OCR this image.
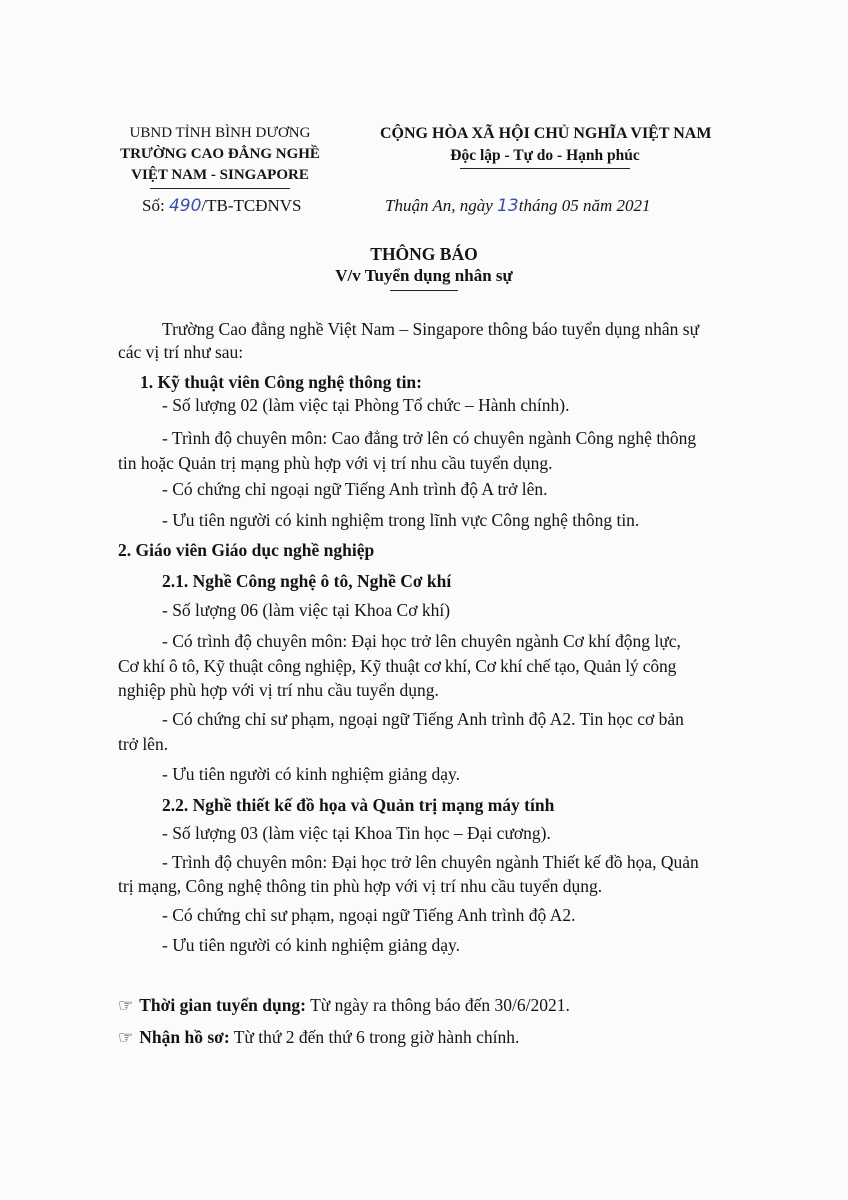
UBND TỈNH BÌNH DƯƠNG
TRƯỜNG CAO ĐẲNG NGHỀ
VIỆT NAM - SINGAPORE
Số: 490/TB-TCĐNVS
CỘNG HÒA XÃ HỘI CHỦ NGHĨA VIỆT NAM
Độc lập - Tự do - Hạnh phúc
Thuận An, ngày 13tháng 05 năm 2021
THÔNG BÁO
V/v Tuyển dụng nhân sự
Trường Cao đẳng nghề Việt Nam – Singapore thông báo tuyển dụng nhân sự
các vị trí như sau:
1. Kỹ thuật viên Công nghệ thông tin:
- Số lượng 02 (làm việc tại Phòng Tổ chức – Hành chính).
- Trình độ chuyên môn: Cao đẳng trở lên có chuyên ngành Công nghệ thông
tin hoặc Quản trị mạng phù hợp với vị trí nhu cầu tuyển dụng.
- Có chứng chỉ ngoại ngữ Tiếng Anh trình độ A trở lên.
- Ưu tiên người có kinh nghiệm trong lĩnh vực Công nghệ thông tin.
2. Giáo viên Giáo dục nghề nghiệp
2.1. Nghề Công nghệ ô tô, Nghề Cơ khí
- Số lượng 06 (làm việc tại Khoa Cơ khí)
- Có trình độ chuyên môn: Đại học trở lên chuyên ngành Cơ khí động lực,
Cơ khí ô tô, Kỹ thuật công nghiệp, Kỹ thuật cơ khí, Cơ khí chế tạo, Quản lý công
nghiệp phù hợp với vị trí nhu cầu tuyển dụng.
- Có chứng chỉ sư phạm, ngoại ngữ Tiếng Anh trình độ A2. Tin học cơ bản
trở lên.
- Ưu tiên người có kinh nghiệm giảng dạy.
2.2. Nghề thiết kế đồ họa và Quản trị mạng máy tính
- Số lượng 03 (làm việc tại Khoa Tin học – Đại cương).
- Trình độ chuyên môn: Đại học trở lên chuyên ngành Thiết kế đồ họa, Quản
trị mạng, Công nghệ thông tin phù hợp với vị trí nhu cầu tuyển dụng.
- Có chứng chỉ sư phạm, ngoại ngữ Tiếng Anh trình độ A2.
- Ưu tiên người có kinh nghiệm giảng dạy.
☞ Thời gian tuyển dụng: Từ ngày ra thông báo đến 30/6/2021.
☞ Nhận hồ sơ: Từ thứ 2 đến thứ 6 trong giờ hành chính.
